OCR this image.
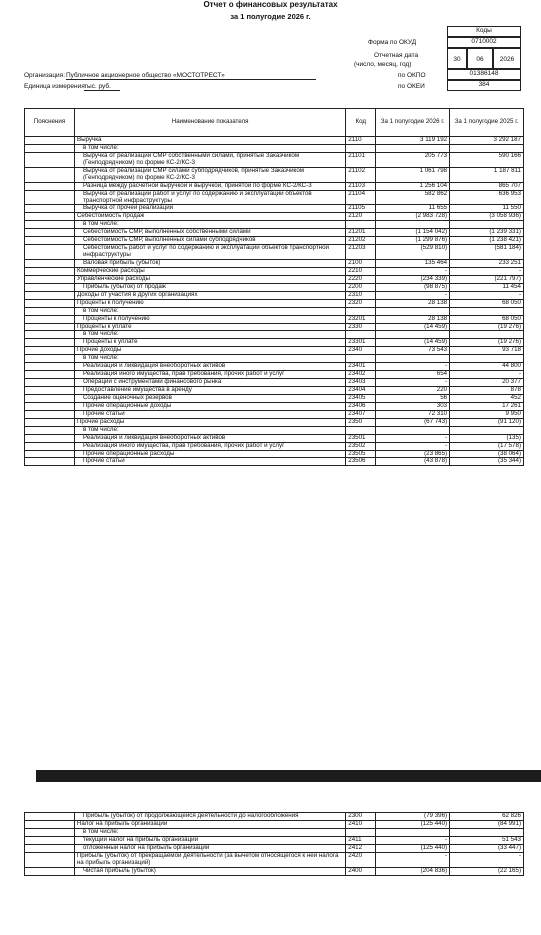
Отчет о финансовых результатах
за 1 полугодие 2026 г.
Коды
Форма по ОКУД	0710002
Отчетная дата
(число, месяц, год)
30	06	2026
Организация: Публичное акционерное общество «МОСТОТРЕСТ»	по ОКПО	01386148
Единица измерения тыс. руб.	по ОКЕИ	384
Пояснения	Наименование показателя	Код	За 1 полугодие 2026 г.	За 1 полугодие 2025 г.
	Выручка	2110	3 119 192	3 292 187
	в том числе:			
	Выручка от реализации СМР собственными силами, принятые Заказчиком (Генподрядчиком) по форме КС-2/КС-3	21101	205 773	590 166
	Выручка от реализации СМР силами субподрядчиков, принятые Заказчиком (Генподрядчиком) по форме КС-2/КС-3	21102	1 061 798	1 187 811
	Разница между расчетной выручкой и выручкой, принятой по форме КС-2/КС-3	21103	1 256 104	865 707
	Выручка от реализации работ и услуг по содержанию и эксплуатации объектов транспортной инфраструктуры	21104	582 862	636 953
	Выручка от прочей реализации	21105	11 655	11 550
	Себестоимость продаж	2120	(2 983 728)	(3 058 936)
	в том числе:			
	Себестоимость СМР, выполненных собственными силами	21201	(1 154 042)	(1 239 331)
	Себестоимость СМР, выполненных силами субподрядчиков	21202	(1 299 876)	(1 238 421)
	Себестоимость работ и услуг по содержанию и эксплуатации объектов транспортной инфраструктуры	21203	(529 810)	(581 184)
	Валовая прибыль (убыток)	2100	135 464	233 251
	Коммерческие расходы	2210	-	-
	Управленческие расходы	2220	(234 339)	(221 797)
	Прибыль (убыток) от продаж	2200	(98 875)	11 454
	Доходы от участия в других организациях	2310	-	-
	Проценты к получению	2320	28 138	68 050
	в том числе:			
	Проценты к получению	23201	28 138	68 050
	Проценты к уплате	2330	(14 459)	(19 276)
	в том числе:			
	Проценты к уплате	23301	(14 459)	(19 276)
	Прочие доходы	2340	73 543	93 718
	в том числе:			
	Реализация и ликвидация внеоборотных активов	23401	-	44 800
	Реализация иного имущества, прав требования, прочих работ и услуг	23402	654	-
	Операции с инструментами финансового рынка	23403	-	20 377
	Предоставление имущества в аренду	23404	220	878
	Создание оценочных резервов	23405	56	452
	Прочие операционные доходы	23406	303	17 261
	Прочие статьи	23407	72 310	9 950
	Прочие расходы	2350	(67 743)	(91 120)
	в том числе:			
	Реализация и ликвидация внеоборотных активов	23501	-	(135)
	Реализация иного имущества, прав требования, прочих работ и услуг	23502	-	(17 578)
	Прочие операционные расходы	23505	(23 865)	(38 064)
	Прочие статьи	23506	(43 878)	(35 344)
	Прибыль (убыток) от продолжающейся деятельности до налогообложения	2300	(79 396)	62 826
	Налог на прибыль организаций	2410	(125 440)	(84 991)
	в том числе:			
	текущий налог на прибыль организаций	2411	-	51 543
	отложенный налог на прибыль организаций	2412	(125 440)	(33 447)
	Прибыль (убыток) от прекращаемой деятельности (за вычетом относящегося к ней налога на прибыль организаций)	2420	-	-
	Чистая прибыль (убыток)	2400	(204 836)	(22 165)
